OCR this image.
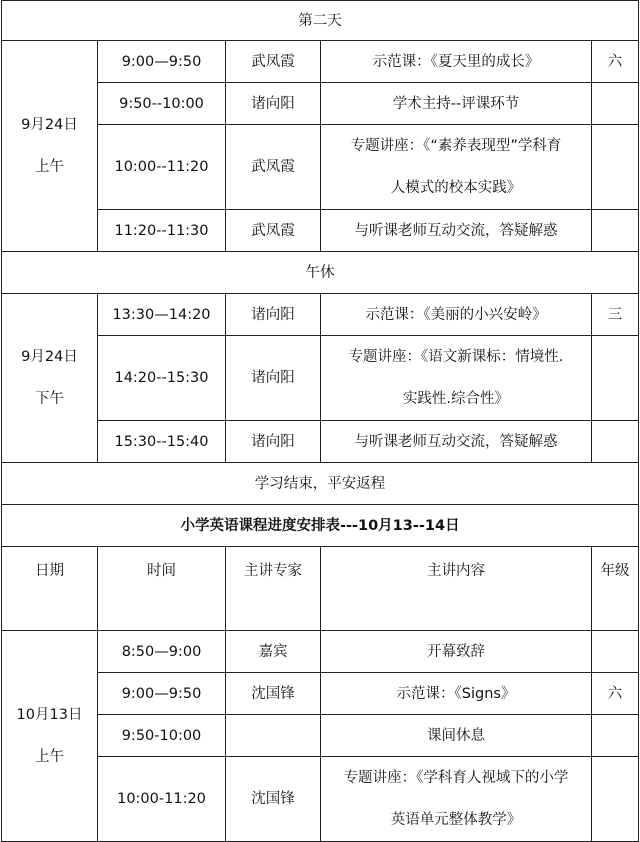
第二天				

9月24日
上午	9:00—9:50	武凤霞	示范课：《夏天里的成长》	六
	9:50--10:00	诸向阳	学术主持--评课环节	
	10:00--11:20	武凤霞	专题讲座：《“素养表现型”学科育
人模式的校本实践》	

	11:20--11:30	武凤霞	与听课老师互动交流，答疑解惑	
午休				

9月24日
下午	13:30—14:20	诸向阳	示范课：《美丽的小兴安岭》	三
	14:20--15:30	诸向阳	专题讲座：《语文新课标：情境性.
实践性.综合性》	

	15:30--15:40	诸向阳	与听课老师互动交流，答疑解惑	
学习结束，平安返程				
小学英语课程进度安排表---10月13--14日				
日期	时间	主讲专家	主讲内容	年级

10月13日
上午	8:50—9:00	嘉宾	开幕致辞	
	9:00—9:50	沈国锋	示范课：《Signs》	六
	9:50-10:00		课间休息	
	10:00-11:20	沈国锋	专题讲座：《学科育人视域下的小学
英语单元整体教学》	
